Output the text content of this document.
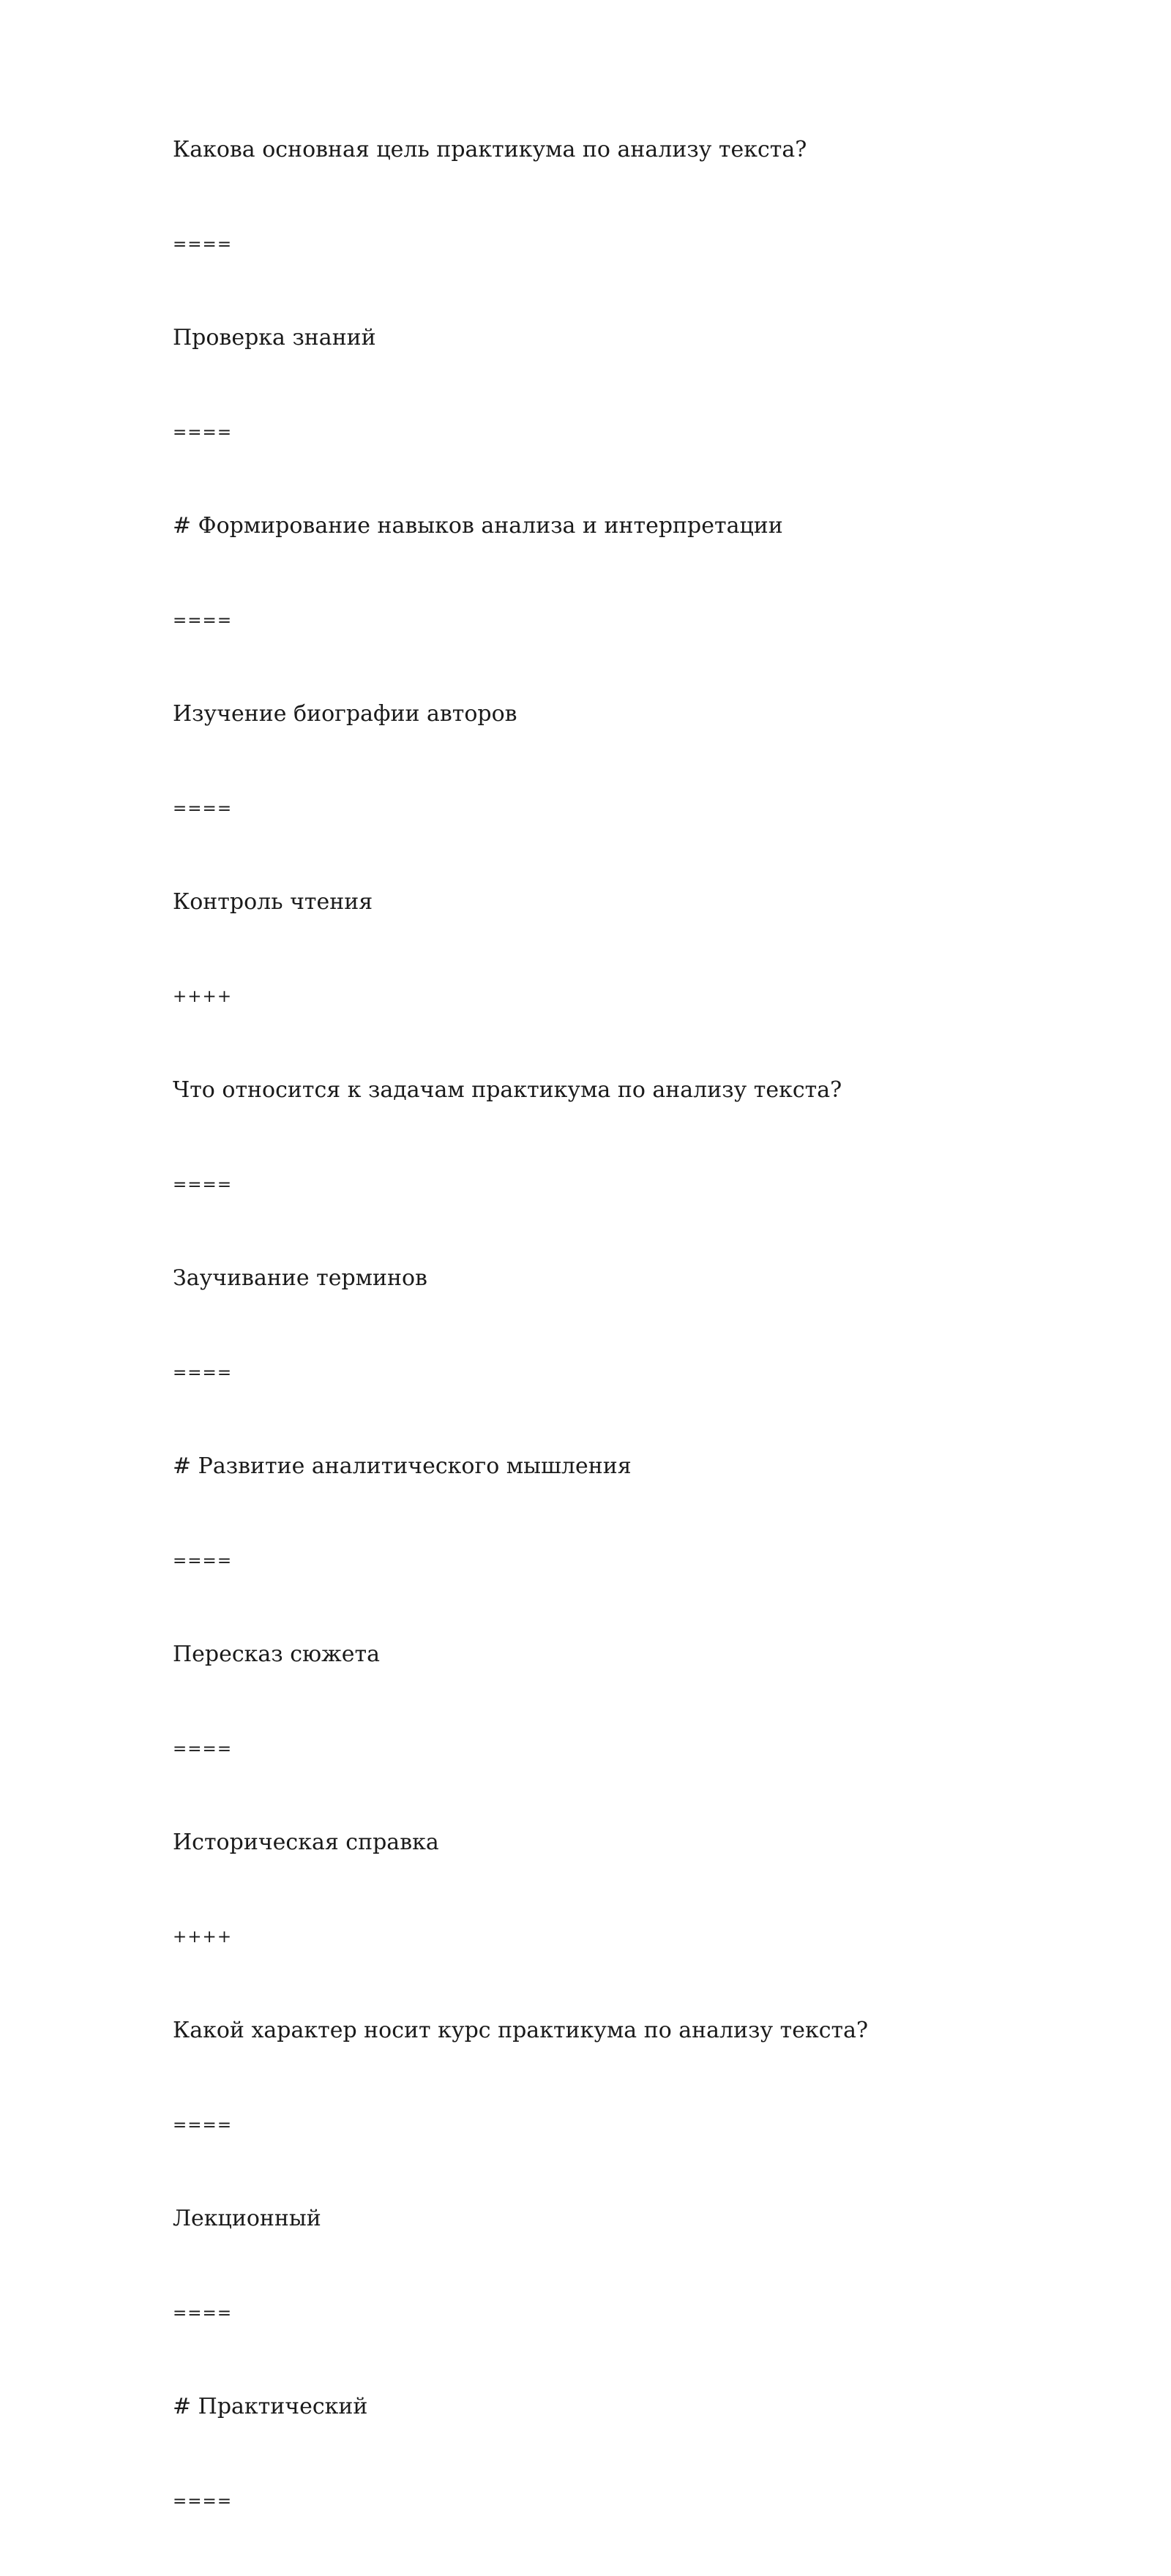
Какова основная цель практикума по анализу текста?
====
Проверка знаний
====
# Формирование навыков анализа и интерпретации
====
Изучение биографии авторов
====
Контроль чтения
++++
Что относится к задачам практикума по анализу текста?
====
Заучивание терминов
====
# Развитие аналитического мышления
====
Пересказ сюжета
====
Историческая справка
++++
Какой характер носит курс практикума по анализу текста?
====
Лекционный
====
# Практический
====
